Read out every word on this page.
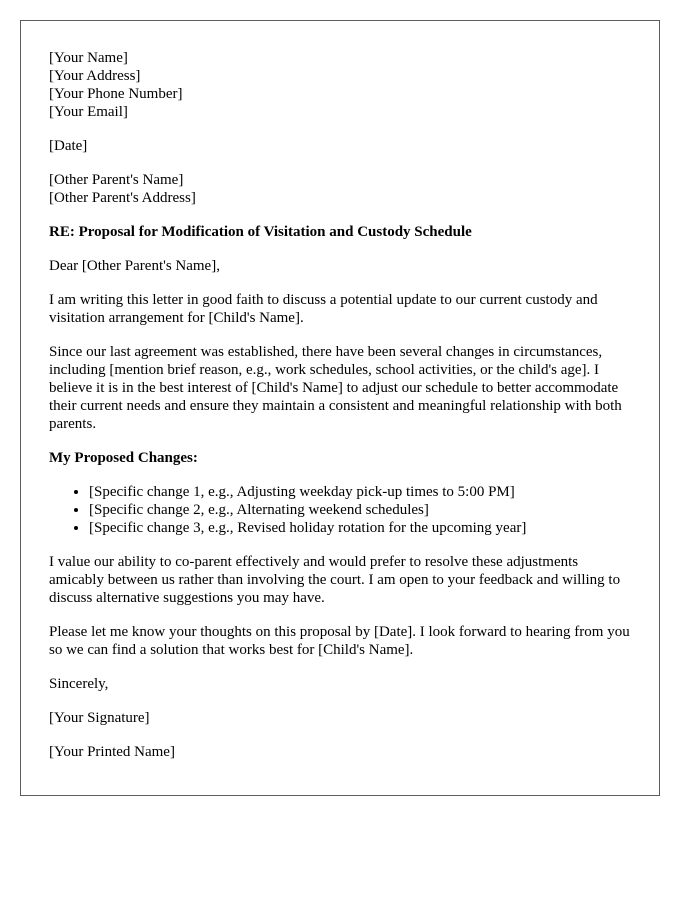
[Your Name]
[Your Address]
[Your Phone Number]
[Your Email]
[Date]
[Other Parent's Name]
[Other Parent's Address]

RE: Proposal for Modification of Visitation and Custody Schedule

Dear [Other Parent's Name],

I am writing this letter in good faith to discuss a potential update to our current custody and visitation arrangement for [Child's Name].

Since our last agreement was established, there have been several changes in circumstances, including [mention brief reason, e.g., work schedules, school activities, or the child's age]. I believe it is in the best interest of [Child's Name] to adjust our schedule to better accommodate their current needs and ensure they maintain a consistent and meaningful relationship with both parents.

My Proposed Changes:

• [Specific change 1, e.g., Adjusting weekday pick-up times to 5:00 PM]
• [Specific change 2, e.g., Alternating weekend schedules]
• [Specific change 3, e.g., Revised holiday rotation for the upcoming year]

I value our ability to co-parent effectively and would prefer to resolve these adjustments amicably between us rather than involving the court. I am open to your feedback and willing to discuss alternative suggestions you may have.

Please let me know your thoughts on this proposal by [Date]. I look forward to hearing from you so we can find a solution that works best for [Child's Name].

Sincerely,

[Your Signature]

[Your Printed Name]
